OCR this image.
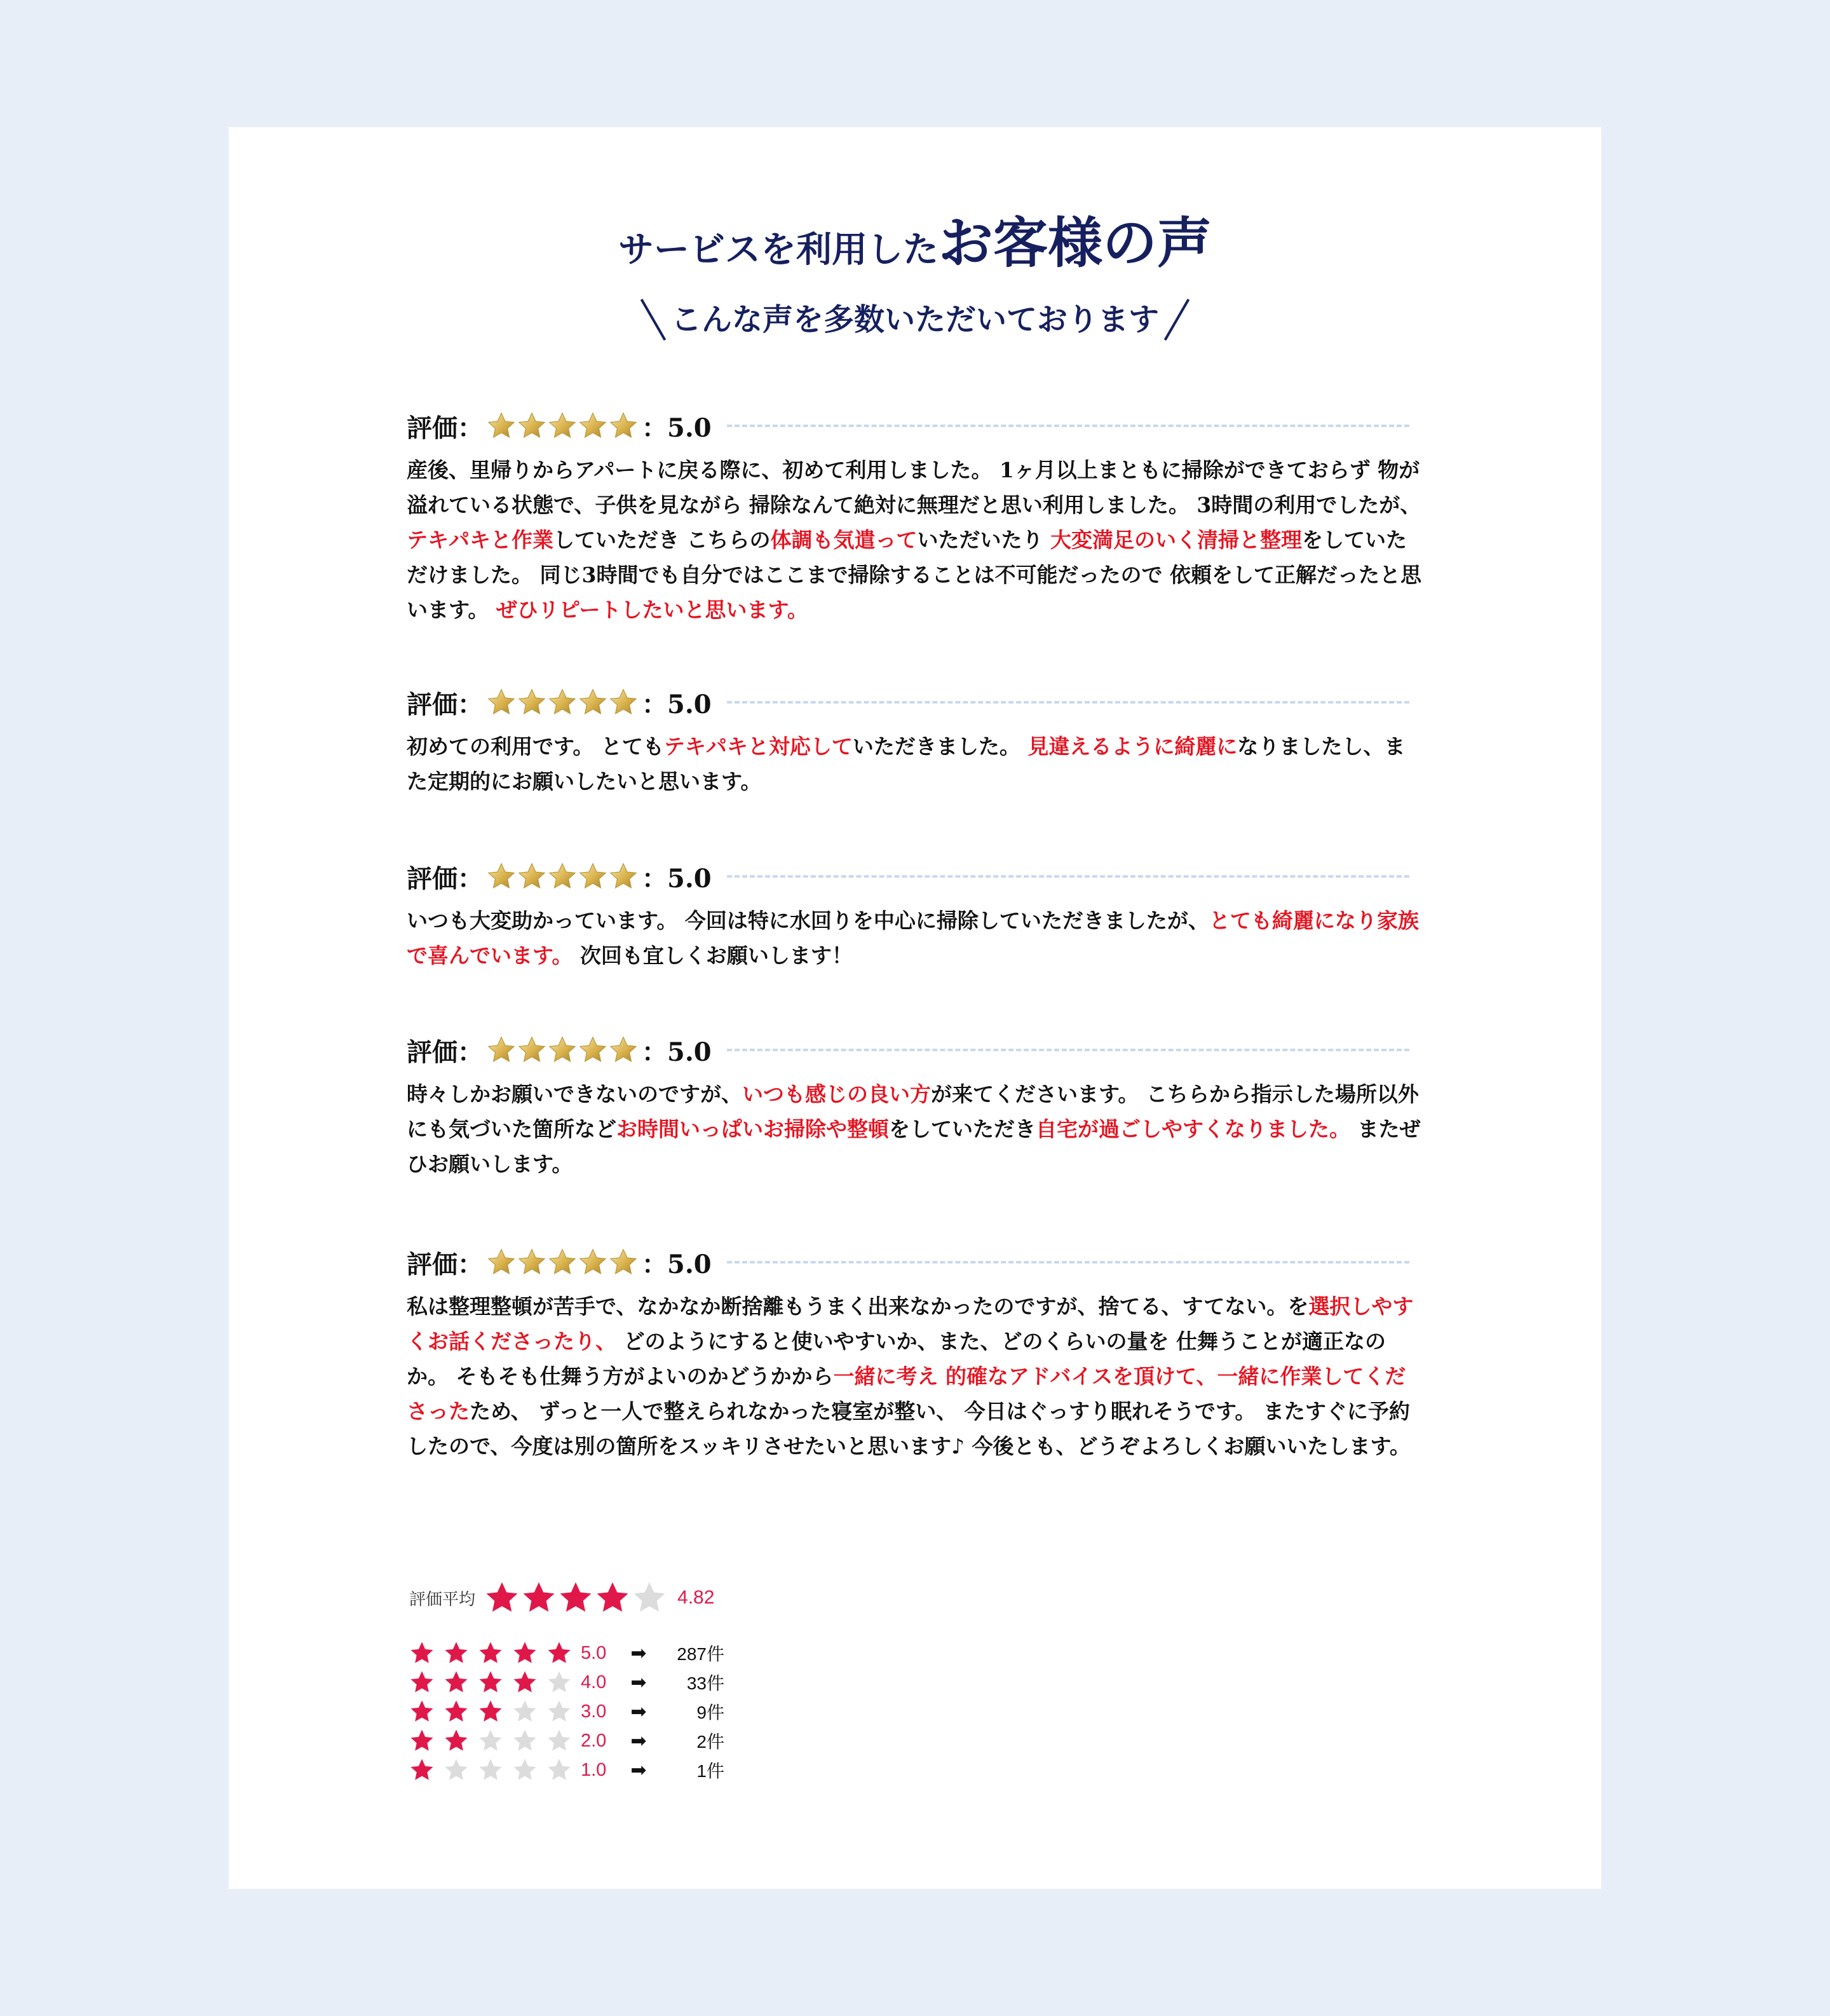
サービスを利用したお客様の声
こんな声を多数いただいております
評価：	：5.0

産後、里帰りからアパートに戻る際に、初めて利用しました。 1ヶ月以上まともに掃除ができておらず 物が溢れている状態で、子供を見ながら 掃除なんて絶対に無理だと思い利用しました。 3時間の利用でしたが、テキパキと作業していただき こちらの体調も気遣っていただいたり 大変満足のいく清掃と整理をしていただけました。 同じ3時間でも自分ではここまで掃除することは不可能だったので 依頼をして正解だったと思います。 ぜひリピートしたいと思います。

評価：	：5.0

初めての利用です。 とてもテキパキと対応していただきました。 見違えるように綺麗になりましたし、また定期的にお願いしたいと思います。

評価：	：5.0

いつも大変助かっています。 今回は特に水回りを中心に掃除していただきましたが、とても綺麗になり家族で喜んでいます。 次回も宜しくお願いします！

評価：	：5.0

時々しかお願いできないのですが、いつも感じの良い方が来てくださいます。 こちらから指示した場所以外にも気づいた箇所などお時間いっぱいお掃除や整頓をしていただき自宅が過ごしやすくなりました。 またぜひお願いします。

評価：	：5.0

私は整理整頓が苦手で、なかなか断捨離もうまく出来なかったのですが、捨てる、すてない。を選択しやすくお話くださったり、 どのようにすると使いやすいか、また、どのくらいの量を 仕舞うことが適正なのか。 そもそも仕舞う方がよいのかどうかから一緒に考え 的確なアドバイスを頂けて、一緒に作業してくださったため、 ずっと一人で整えられなかった寝室が整い、 今日はぐっすり眠れそうです。 またすぐに予約したので、今度は別の箇所をスッキリさせたいと思います♪ 今後とも、どうぞよろしくお願いいたします。

評価平均	4.82
5.0	➡	287件
4.0	➡	33件
3.0	➡	9件
2.0	➡	2件
1.0	➡	1件
